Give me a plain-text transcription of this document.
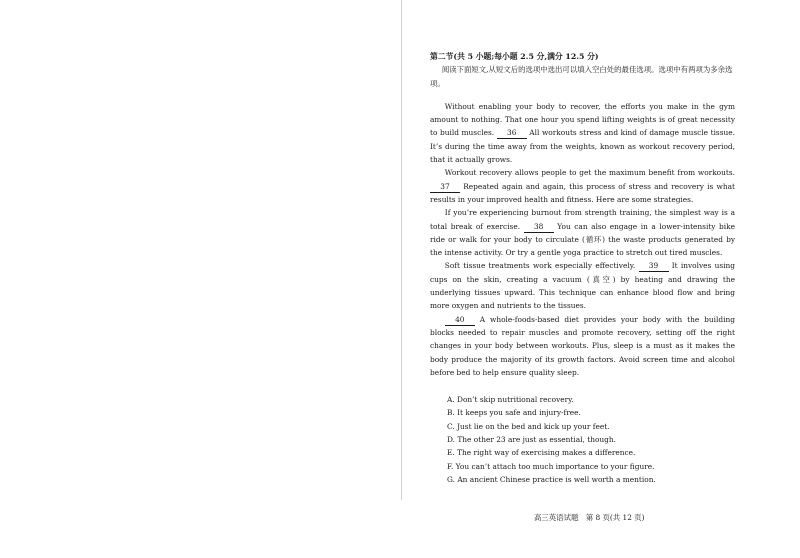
第二节(共 5 小题;每小题 2.5 分,满分 12.5 分)

阅读下面短文,从短文后的选项中选出可以填入空白处的最佳选项。选项中有两项为多余选项。

Without enabling your body to recover, the efforts you make in the gym amount to nothing. That one hour you spend lifting weights is of great necessity to build muscles. 36 All workouts stress and kind of damage muscle tissue. It’s during the time away from the weights, known as workout recovery period, that it actually grows.

Workout recovery allows people to get the maximum benefit from workouts. 37 Repeated again and again, this process of stress and recovery is what results in your improved health and fitness. Here are some strategies.

If you’re experiencing burnout from strength training, the simplest way is a total break of exercise. 38 You can also engage in a lower-intensity bike ride or walk for your body to circulate (循环) the waste products generated by the intense activity. Or try a gentle yoga practice to stretch out tired muscles.

Soft tissue treatments work especially effectively. 39 It involves using cups on the skin, creating a vacuum (真空) by heating and drawing the underlying tissues upward. This technique can enhance blood flow and bring more oxygen and nutrients to the tissues.

40 A whole-foods-based diet provides your body with the building blocks needed to repair muscles and promote recovery, setting off the right changes in your body between workouts. Plus, sleep is a must as it makes the body produce the majority of its growth factors. Avoid screen time and alcohol before bed to help ensure quality sleep.

A. Don’t skip nutritional recovery.

B. It keeps you safe and injury-free.

C. Just lie on the bed and kick up your feet.

D. The other 23 are just as essential, though.

E. The right way of exercising makes a difference.

F. You can’t attach too much importance to your figure.

G. An ancient Chinese practice is well worth a mention.

高三英语试题　第 8 页(共 12 页)
